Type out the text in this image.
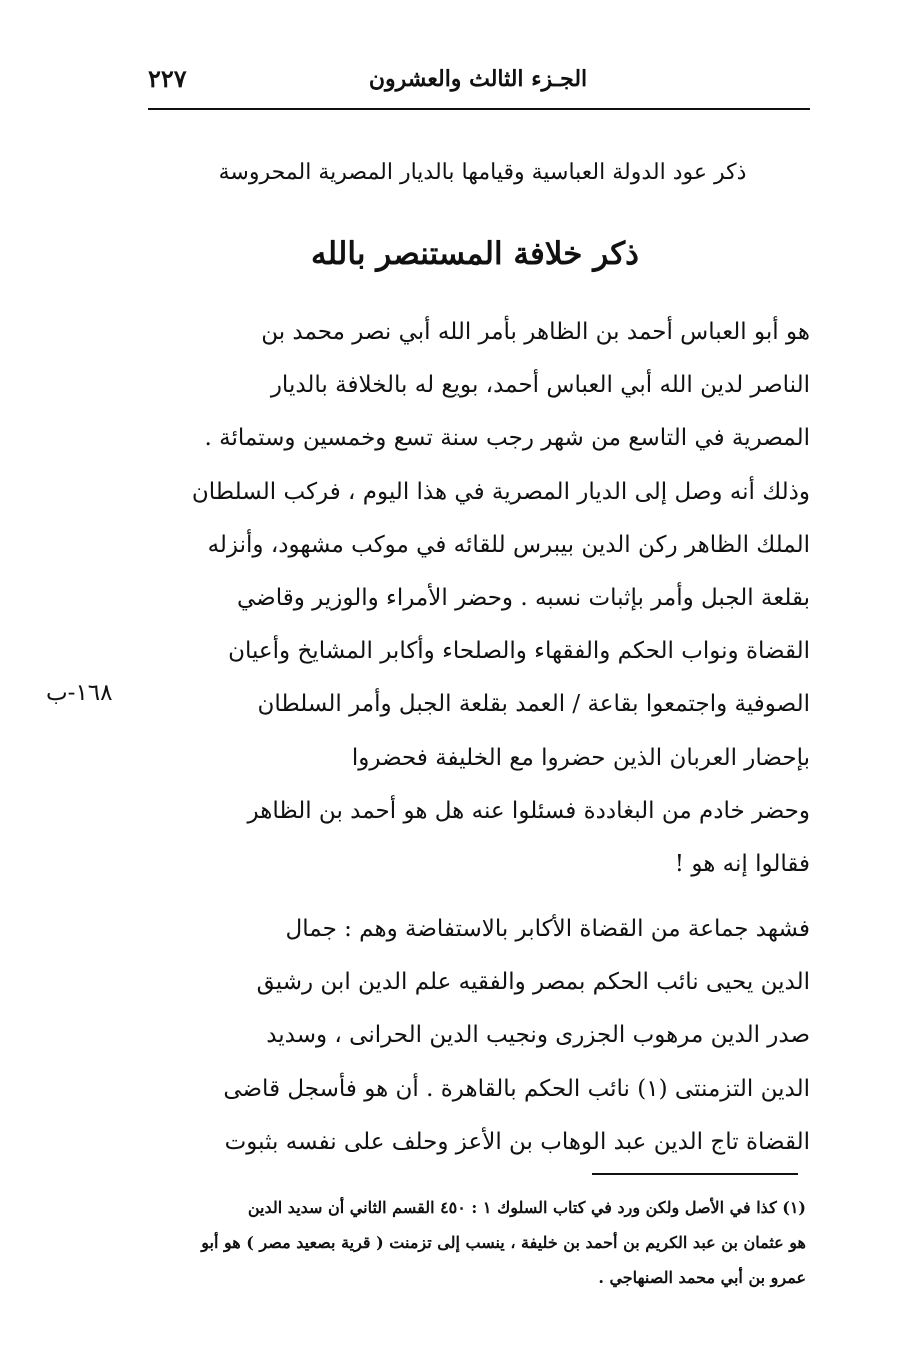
٢٢٧	الجـزء الثالث والعشرون
ذكر عود الدولة العباسية وقيامها بالديار المصرية المحروسة
ذكر خلافة المستنصر بالله
هو أبو العباس أحمد بن الظاهر بأمر الله أبي نصر محمد بن
الناصر لدين الله أبي العباس أحمد، بويع له بالخلافة بالديار
المصرية في التاسع من شهر رجب سنة تسع وخمسين وستمائة .
وذلك أنه وصل إلى الديار المصرية في هذا اليوم ، فركب السلطان
الملك الظاهر ركن الدين بيبرس للقائه في موكب مشهود، وأنزله
بقلعة الجبل وأمر بإثبات نسبه . وحضر الأمراء والوزير وقاضي
القضاة ونواب الحكم والفقهاء والصلحاء وأكابر المشايخ وأعيان
الصوفية واجتمعوا بقاعة / العمد بقلعة الجبل وأمر السلطان
بإحضار العربان الذين حضروا مع الخليفة فحضروا
وحضر خادم من البغاددة فسئلوا عنه هل هو أحمد بن الظاهر
فقالوا إنه هو !
١٦٨-ب
فشهد جماعة من القضاة الأكابر بالاستفاضة وهم : جمال
الدين يحيى نائب الحكم بمصر والفقيه علم الدين ابن رشيق
صدر الدين مرهوب الجزرى ونجيب الدين الحرانى ، وسديد
الدين التزمنتى (١) نائب الحكم بالقاهرة . أن هو فأسجل قاضى
القضاة تاج الدين عبد الوهاب بن الأعز وحلف على نفسه بثبوت
(١) كذا في الأصل ولكن ورد في كتاب السلوك ١ : ٤٥٠ القسم الثاني أن سديد الدين
هو عثمان بن عبد الكريم بن أحمد بن خليفة ، ينسب إلى تزمنت ( قرية بصعيد مصر ) هو أبو
عمرو بن أبي محمد الصنهاجي .
